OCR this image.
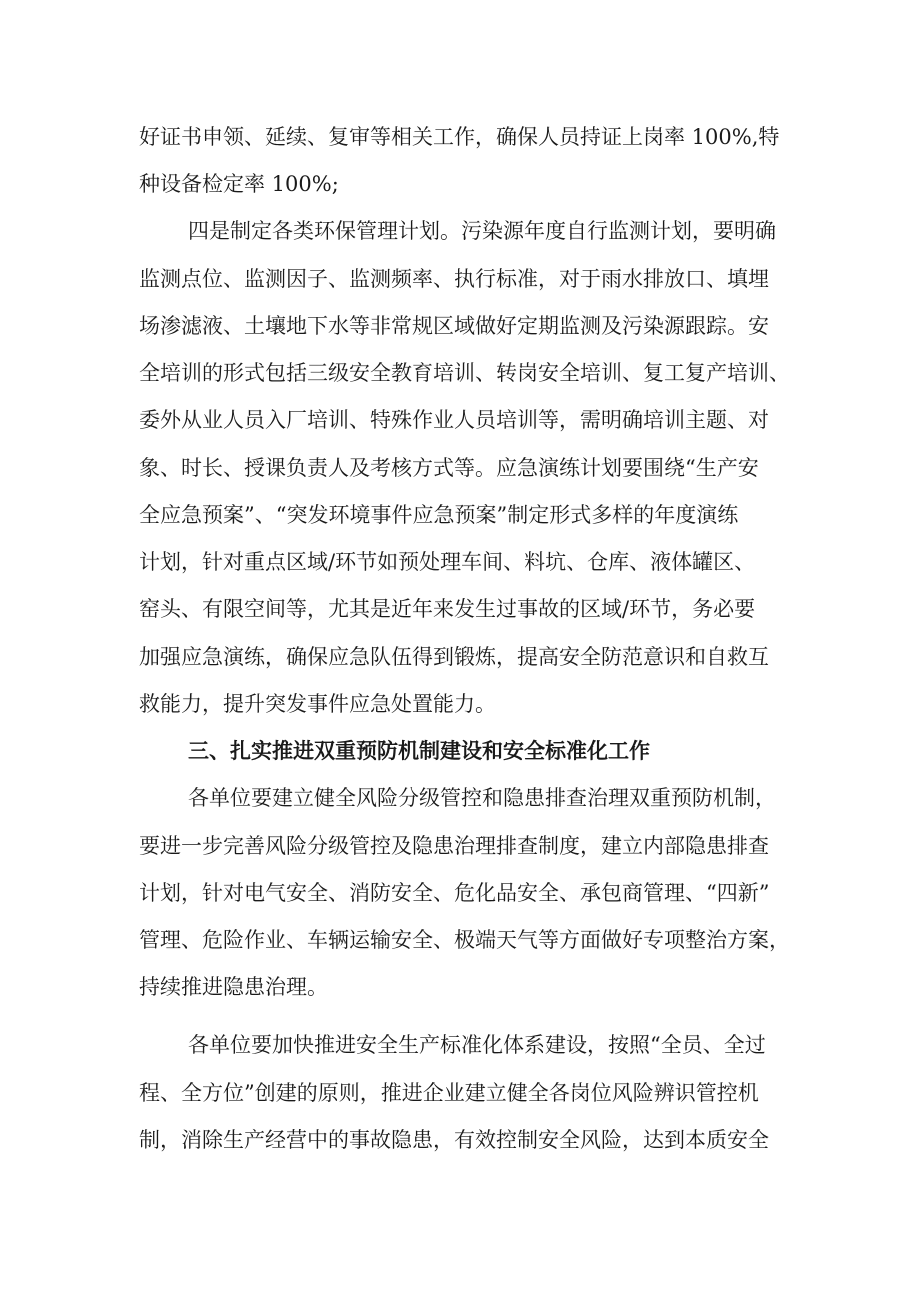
好证书申领、延续、复审等相关工作，确保人员持证上岗率 100%,特
种设备检定率 100%;
四是制定各类环保管理计划。污染源年度自行监测计划，要明确
监测点位、监测因子、监测频率、执行标准，对于雨水排放口、填埋
场渗滤液、土壤地下水等非常规区域做好定期监测及污染源跟踪。安
全培训的形式包括三级安全教育培训、转岗安全培训、复工复产培训、
委外从业人员入厂培训、特殊作业人员培训等，需明确培训主题、对
象、时长、授课负责人及考核方式等。应急演练计划要围绕“生产安
全应急预案”、“突发环境事件应急预案”制定形式多样的年度演练
计划，针对重点区域/环节如预处理车间、料坑、仓库、液体罐区、
窑头、有限空间等，尤其是近年来发生过事故的区域/环节，务必要
加强应急演练，确保应急队伍得到锻炼，提高安全防范意识和自救互
救能力，提升突发事件应急处置能力。
三、扎实推进双重预防机制建设和安全标准化工作
各单位要建立健全风险分级管控和隐患排查治理双重预防机制，
要进一步完善风险分级管控及隐患治理排查制度，建立内部隐患排查
计划，针对电气安全、消防安全、危化品安全、承包商管理、“四新”
管理、危险作业、车辆运输安全、极端天气等方面做好专项整治方案，
持续推进隐患治理。
各单位要加快推进安全生产标准化体系建设，按照“全员、全过
程、全方位”创建的原则，推进企业建立健全各岗位风险辨识管控机
制，消除生产经营中的事故隐患，有效控制安全风险，达到本质安全
